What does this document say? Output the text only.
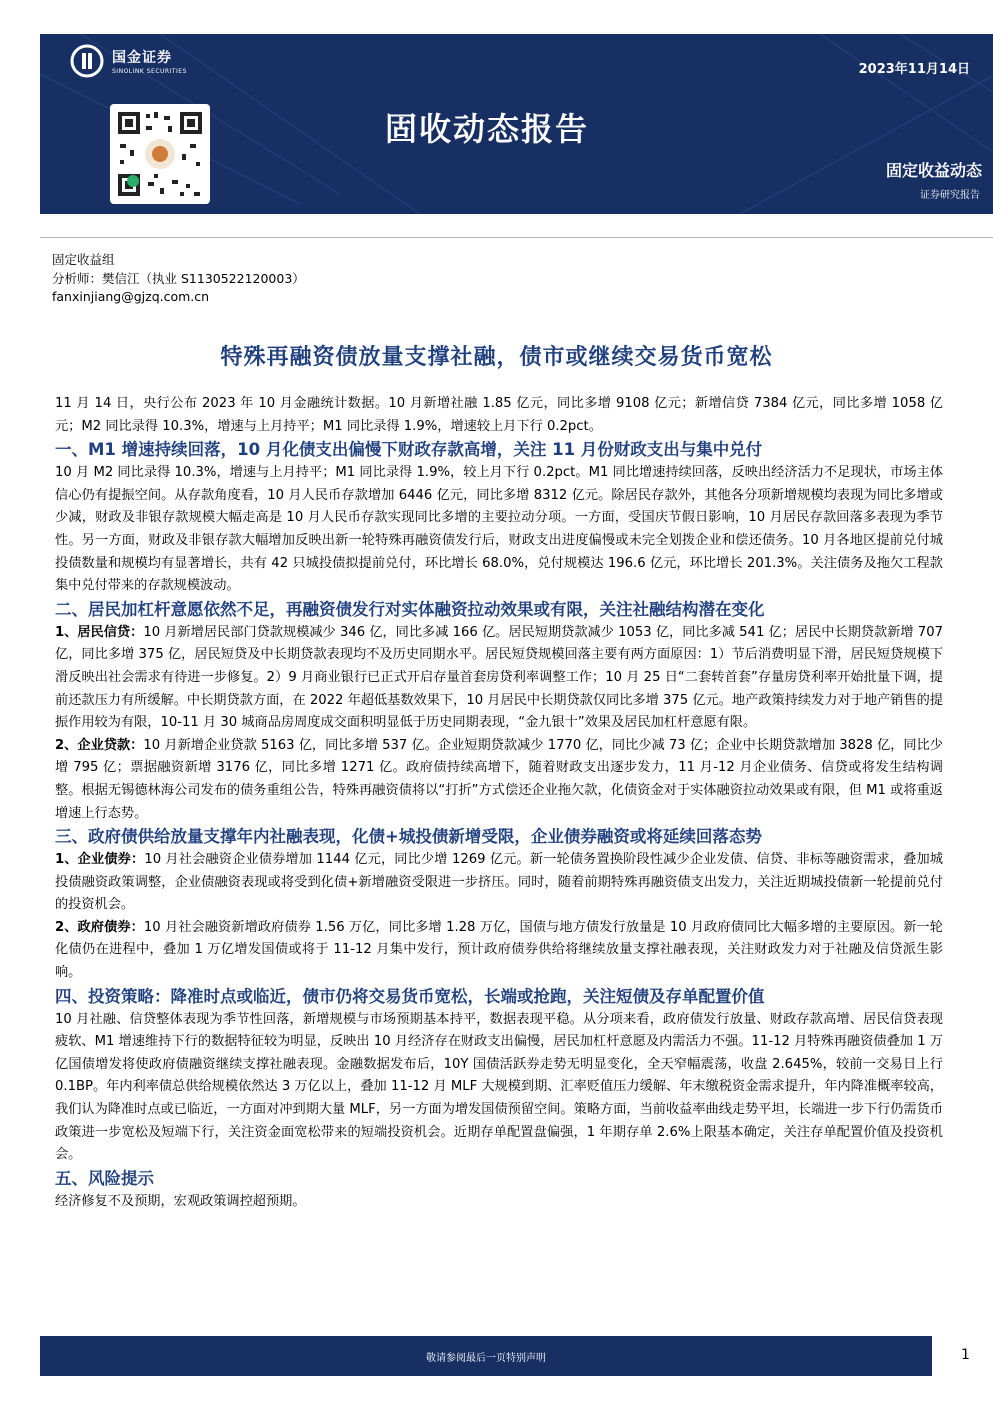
国金证券
SINOLINK SECURITIES	2023年11月14日
固收动态报告
固定收益动态
证券研究报告
固定收益组
分析师：樊信江（执业 S1130522120003）
fanxinjiang@gjzq.com.cn
特殊再融资债放量支撑社融，债市或继续交易货币宽松

11 月 14 日，央行公布 2023 年 10 月金融统计数据。10 月新增社融 1.85 亿元，同比多增 9108 亿元；新增信贷 7384 亿元，同比多增 1058 亿元；M2 同比录得 10.3%，增速与上月持平；M1 同比录得 1.9%，增速较上月下行 0.2pct。

一、M1 增速持续回落，10 月化债支出偏慢下财政存款高增，关注 11 月份财政支出与集中兑付

10 月 M2 同比录得 10.3%，增速与上月持平；M1 同比录得 1.9%，较上月下行 0.2pct。M1 同比增速持续回落，反映出经济活力不足现状，市场主体信心仍有提振空间。从存款角度看，10 月人民币存款增加 6446 亿元，同比多增 8312 亿元。除居民存款外，其他各分项新增规模均表现为同比多增或少减，财政及非银存款规模大幅走高是 10 月人民币存款实现同比多增的主要拉动分项。一方面，受国庆节假日影响，10 月居民存款回落多表现为季节性。另一方面，财政及非银存款大幅增加反映出新一轮特殊再融资债发行后，财政支出进度偏慢或未完全划拨企业和偿还债务。10 月各地区提前兑付城投债数量和规模均有显著增长，共有 42 只城投债拟提前兑付，环比增长 68.0%，兑付规模达 196.6 亿元，环比增长 201.3%。关注债务及拖欠工程款集中兑付带来的存款规模波动。

二、居民加杠杆意愿依然不足，再融资债发行对实体融资拉动效果或有限，关注社融结构潜在变化

1、居民信贷：10 月新增居民部门贷款规模减少 346 亿，同比多减 166 亿。居民短期贷款减少 1053 亿，同比多减 541 亿；居民中长期贷款新增 707 亿，同比多增 375 亿，居民短贷及中长期贷款表现均不及历史同期水平。居民短贷规模回落主要有两方面原因：1）节后消费明显下滑，居民短贷规模下滑反映出社会需求有待进一步修复。2）9 月商业银行已正式开启存量首套房贷利率调整工作；10 月 25 日“二套转首套”存量房贷利率开始批量下调，提前还款压力有所缓解。中长期贷款方面，在 2022 年超低基数效果下，10 月居民中长期贷款仅同比多增 375 亿元。地产政策持续发力对于地产销售的提振作用较为有限，10-11 月 30 城商品房周度成交面积明显低于历史同期表现，“金九银十”效果及居民加杠杆意愿有限。

2、企业贷款：10 月新增企业贷款 5163 亿，同比多增 537 亿。企业短期贷款减少 1770 亿，同比少减 73 亿；企业中长期贷款增加 3828 亿，同比少增 795 亿；票据融资新增 3176 亿，同比多增 1271 亿。政府债持续高增下，随着财政支出逐步发力，11 月-12 月企业债务、信贷或将发生结构调整。根据无锡德林海公司发布的债务重组公告，特殊再融资债将以“打折”方式偿还企业拖欠款，化债资金对于实体融资拉动效果或有限，但 M1 或将重返增速上行态势。

三、政府债供给放量支撑年内社融表现，化债+城投债新增受限，企业债券融资或将延续回落态势

1、企业债券：10 月社会融资企业债券增加 1144 亿元，同比少增 1269 亿元。新一轮债务置换阶段性减少企业发债、信贷、非标等融资需求，叠加城投债融资政策调整，企业债融资表现或将受到化债+新增融资受限进一步挤压。同时，随着前期特殊再融资债支出发力，关注近期城投债新一轮提前兑付的投资机会。

2、政府债券：10 月社会融资新增政府债券 1.56 万亿，同比多增 1.28 万亿，国债与地方债发行放量是 10 月政府债同比大幅多增的主要原因。新一轮化债仍在进程中，叠加 1 万亿增发国债或将于 11-12 月集中发行，预计政府债券供给将继续放量支撑社融表现，关注财政发力对于社融及信贷派生影响。

四、投资策略：降准时点或临近，债市仍将交易货币宽松，长端或抢跑，关注短债及存单配置价值

10 月社融、信贷整体表现为季节性回落，新增规模与市场预期基本持平，数据表现平稳。从分项来看，政府债发行放量、财政存款高增、居民信贷表现疲软、M1 增速维持下行的数据特征较为明显，反映出 10 月经济存在财政支出偏慢，居民加杠杆意愿及内需活力不强。11-12 月特殊再融资债叠加 1 万亿国债增发将使政府债融资继续支撑社融表现。金融数据发布后，10Y 国债活跃券走势无明显变化，全天窄幅震荡，收盘 2.645%，较前一交易日上行 0.1BP。年内利率债总供给规模依然达 3 万亿以上，叠加 11-12 月 MLF 大规模到期、汇率贬值压力缓解、年末缴税资金需求提升，年内降准概率较高，我们认为降准时点或已临近，一方面对冲到期大量 MLF，另一方面为增发国债预留空间。策略方面，当前收益率曲线走势平坦，长端进一步下行仍需货币政策进一步宽松及短端下行，关注资金面宽松带来的短端投资机会。近期存单配置盘偏强，1 年期存单 2.6%上限基本确定，关注存单配置价值及投资机会。

五、风险提示

经济修复不及预期，宏观政策调控超预期。

敬请参阅最后一页特别声明	1
